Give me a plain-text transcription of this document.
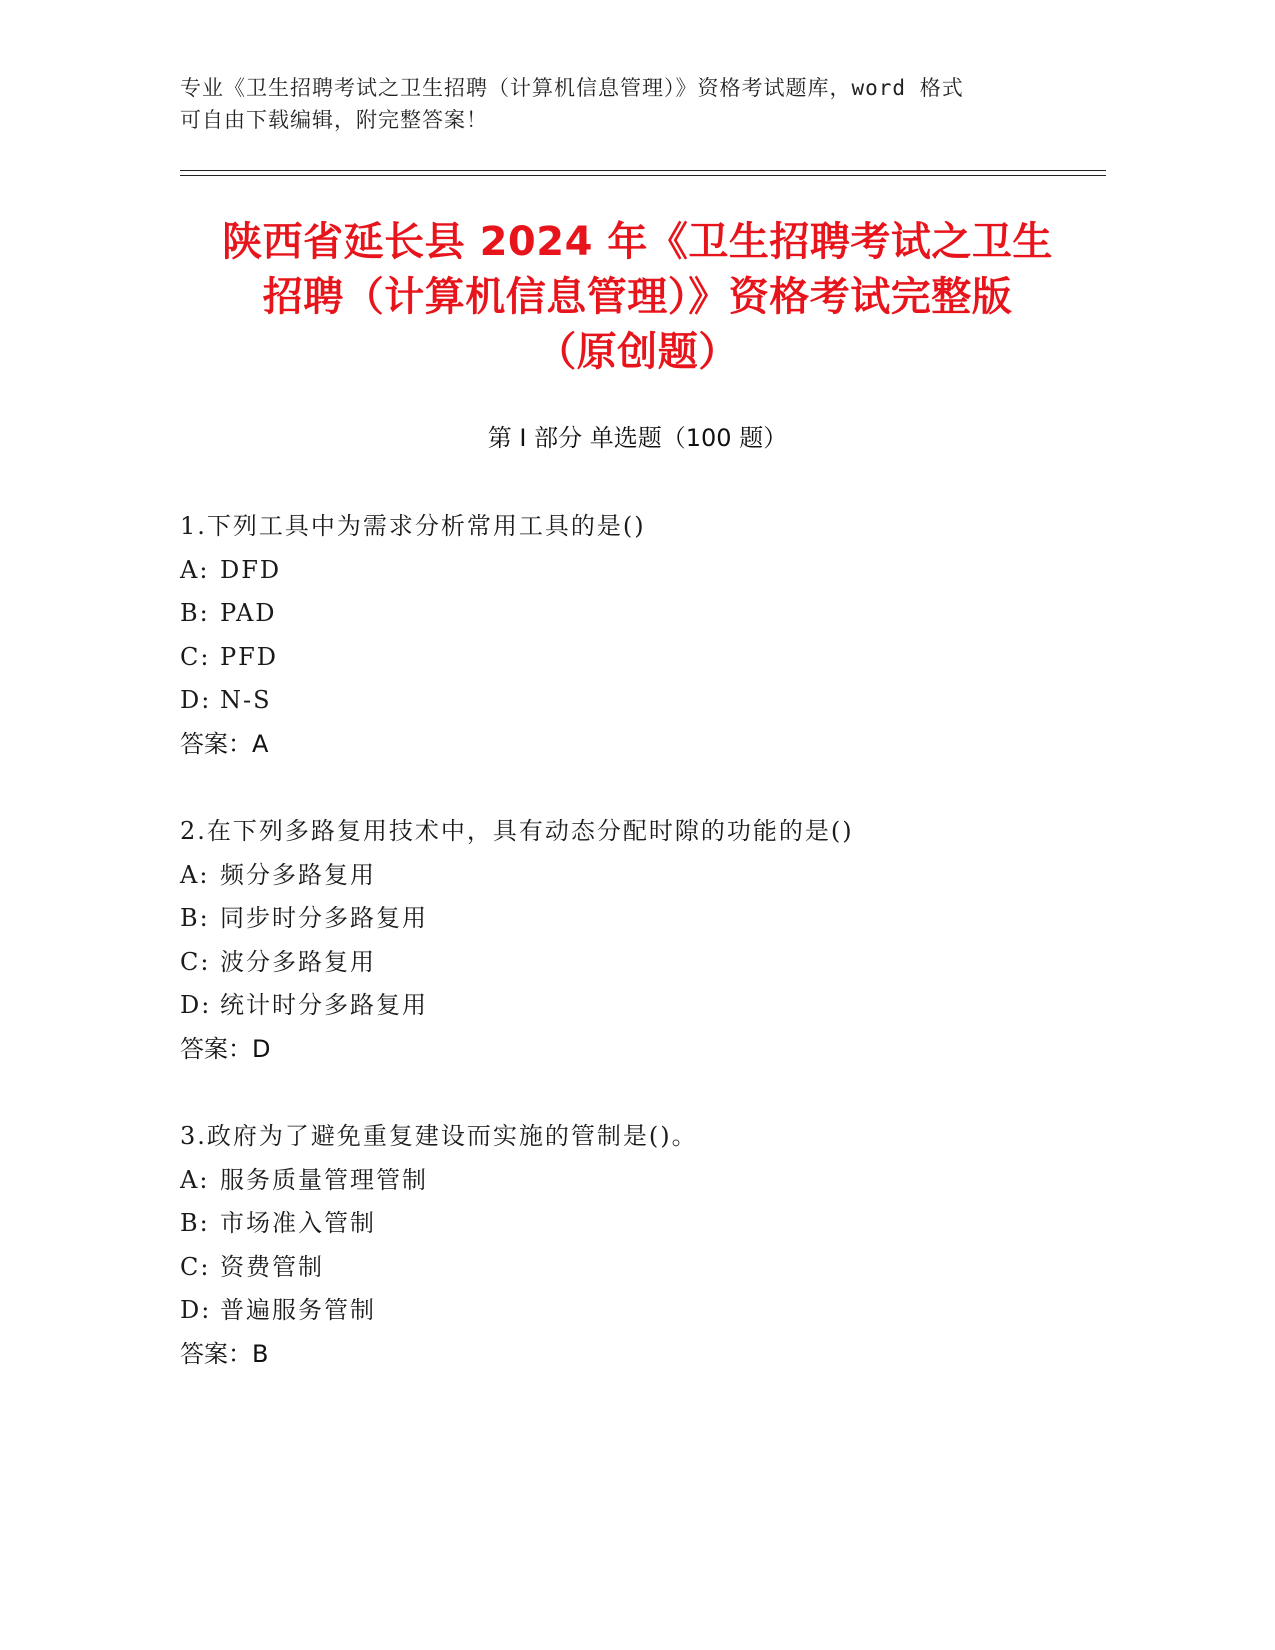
专业《卫生招聘考试之卫生招聘（计算机信息管理）》资格考试题库，word 格式
可自由下载编辑，附完整答案！
陕西省延长县 2024 年《卫生招聘考试之卫生
招聘（计算机信息管理）》资格考试完整版
（原创题）
第 I 部分 单选题（100 题）
1.下列工具中为需求分析常用工具的是()
A: DFD
B: PAD
C: PFD
D: N-S
答案：A
2.在下列多路复用技术中，具有动态分配时隙的功能的是()
A: 频分多路复用
B: 同步时分多路复用
C: 波分多路复用
D: 统计时分多路复用
答案：D
3.政府为了避免重复建设而实施的管制是()。
A: 服务质量管理管制
B: 市场准入管制
C: 资费管制
D: 普遍服务管制
答案：B
